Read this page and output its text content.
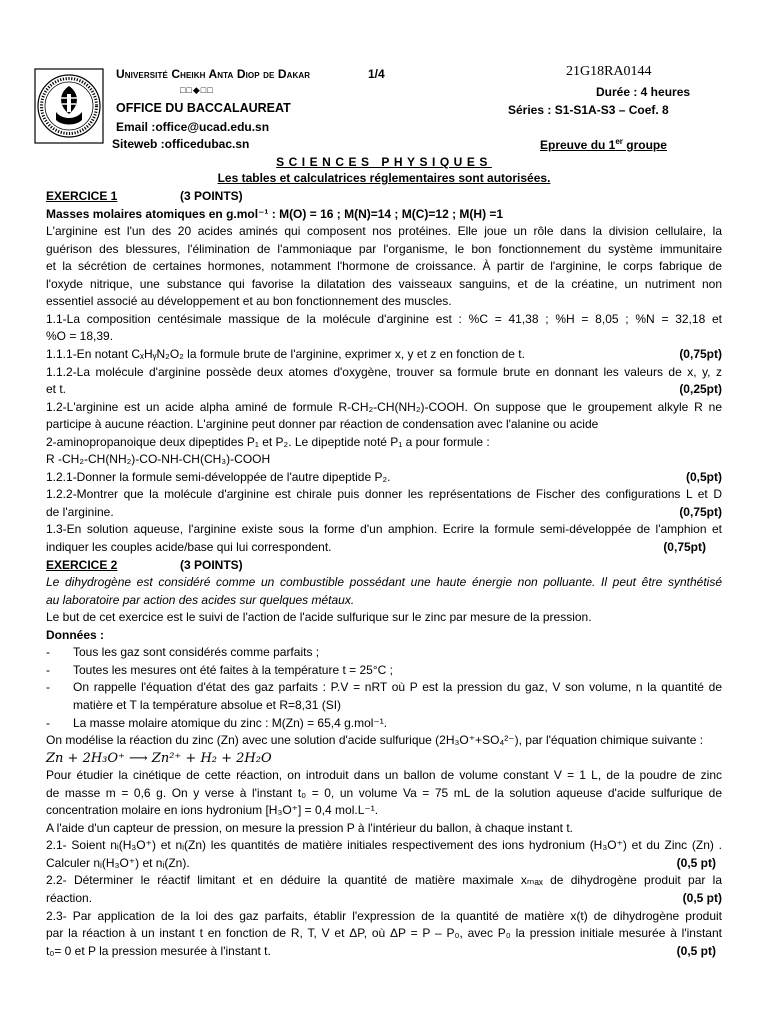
Université Cheikh Anta Diop de Dakar
□□◆□□
OFFICE DU BACCALAUREAT
Email :office@ucad.edu.sn
Siteweb :officedubac.sn
1/4	21G18RA0144
Durée : 4 heures
Séries : S1-S1A-S3 – Coef. 8
Epreuve du 1er groupe
SCIENCES PHYSIQUES
Les tables et calculatrices réglementaires sont autorisées.
EXERCICE 1	(3 POINTS)
Masses molaires atomiques en g.mol⁻¹ : M(O) = 16 ; M(N)=14 ; M(C)=12 ; M(H) =1
L'arginine est l'un des 20 acides aminés qui composent nos protéines. Elle joue un rôle dans la division cellulaire, la
guérison des blessures, l'élimination de l'ammoniaque par l'organisme, le bon fonctionnement du système immunitaire
et la sécrétion de certaines hormones, notamment l'hormone de croissance. À partir de l'arginine, le corps fabrique de
l'oxyde nitrique, une substance qui favorise la dilatation des vaisseaux sanguins, et de la créatine, un nutriment non
essentiel associé au développement et au bon fonctionnement des muscles.
1.1-La composition centésimale massique de la molécule d'arginine est : %C = 41,38 ; %H = 8,05 ; %N = 32,18 et
%O = 18,39.
1.1.1-En notant CₓHᵧN₂O₂ la formule brute de l'arginine, exprimer x, y et z en fonction de t.	(0,75pt)
1.1.2-La molécule d'arginine possède deux atomes d'oxygène, trouver sa formule brute en donnant les valeurs de x, y, z
et t.	(0,25pt)
1.2-L'arginine est un acide alpha aminé de formule R-CH₂-CH(NH₂)-COOH. On suppose que le groupement alkyle R ne
participe à aucune réaction. L'arginine peut donner par réaction de condensation avec l'alanine ou acide
2-aminopropanoique deux dipeptides P₁ et P₂. Le dipeptide noté P₁ a pour formule :
R -CH₂-CH(NH₂)-CO-NH-CH(CH₃)-COOH
1.2.1-Donner la formule semi-développée de l'autre dipeptide P₂.	(0,5pt)
1.2.2-Montrer que la molécule d'arginine est chirale puis donner les représentations de Fischer des configurations L et D
de l'arginine.	(0,75pt)
1.3-En solution aqueuse, l'arginine existe sous la forme d'un amphion. Ecrire la formule semi-développée de l'amphion et
indiquer les couples acide/base qui lui correspondent.	(0,75pt)
EXERCICE 2	(3 POINTS)
Le dihydrogène est considéré comme un combustible possédant une haute énergie non polluante. Il peut être synthétisé
au laboratoire par action des acides sur quelques métaux.
Le but de cet exercice est le suivi de l'action de l'acide sulfurique sur le zinc par mesure de la pression.
Données :
-	Tous les gaz sont considérés comme parfaits ;
-	Toutes les mesures ont été faites à la température t = 25°C ;
-	On rappelle l'équation d'état des gaz parfaits : P.V = nRT où P est la pression du gaz, V son volume, n la quantité de
matière et T la température absolue et R=8,31 (SI)
-	La masse molaire atomique du zinc : M(Zn) = 65,4 g.mol⁻¹.
On modélise la réaction du zinc (Zn) avec une solution d'acide sulfurique (2H₃O⁺+SO₄²⁻), par l'équation chimique suivante :
Zn + 2H₃O⁺ ⟶ Zn²⁺ + H₂ + 2H₂O
Pour étudier la cinétique de cette réaction, on introduit dans un ballon de volume constant V = 1 L, de la poudre de zinc
de masse m = 0,6 g. On y verse à l'instant t₀ = 0, un volume Va = 75 mL de la solution aqueuse d'acide sulfurique de
concentration molaire en ions hydronium [H₃O⁺] = 0,4 mol.L⁻¹.
A l'aide d'un capteur de pression, on mesure la pression P à l'intérieur du ballon, à chaque instant t.
2.1- Soient nᵢ(H₃O⁺) et nᵢ(Zn) les quantités de matière initiales respectivement des ions hydronium (H₃O⁺) et du Zinc (Zn) .
Calculer nᵢ(H₃O⁺) et nᵢ(Zn).	(0,5 pt)
2.2- Déterminer le réactif limitant et en déduire la quantité de matière maximale xₘₐₓ de dihydrogène produit par la
réaction.	(0,5 pt)
2.3- Par application de la loi des gaz parfaits, établir l'expression de la quantité de matière x(t) de dihydrogène produit
par la réaction à un instant t en fonction de R, T, V et ΔP, où ΔP = P – P₀, avec P₀ la pression initiale mesurée à l'instant
t₀= 0 et P la pression mesurée à l'instant t.	(0,5 pt)
